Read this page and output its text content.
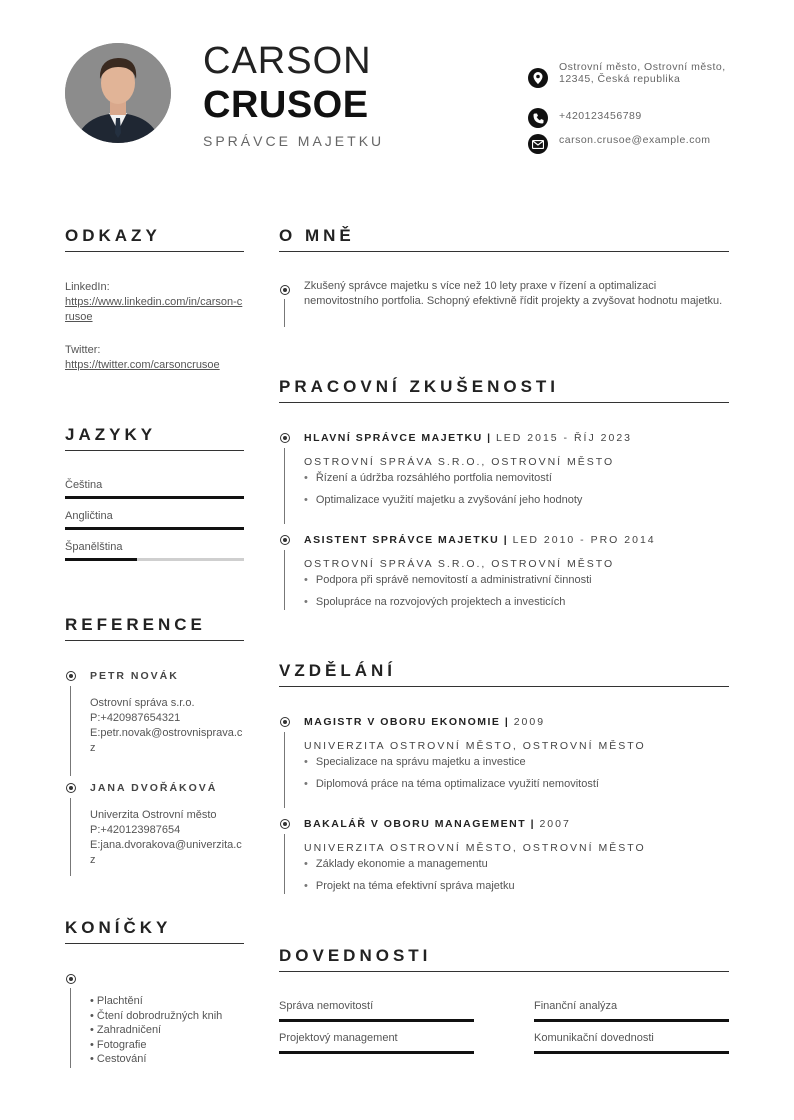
CARSON
CRUSOE
SPRÁVCE MAJETKU
Ostrovní město, Ostrovní město, 12345, Česká republika
+420123456789
carson.crusoe@example.com
ODKAZY
LinkedIn:
https://www.linkedin.com/in/carson-crusoe
Twitter:
https://twitter.com/carsoncrusoe
JAZYKY
Čeština
Angličtina
Španělština
REFERENCE
PETR NOVÁK
Ostrovní správa s.r.o.
P:+420987654321
E:petr.novak@ostrovnisprava.cz
JANA DVOŘÁKOVÁ
Univerzita Ostrovní město
P:+420123987654
E:jana.dvorakova@univerzita.cz
KONÍČKY
• Plachtění
• Čtení dobrodružných knih
• Zahradničení
• Fotografie
• Cestování
O MNĚ
Zkušený správce majetku s více než 10 lety praxe v řízení a optimalizaci nemovitostního portfolia. Schopný efektivně řídit projekty a zvyšovat hodnotu majetku.
PRACOVNÍ ZKUŠENOSTI
HLAVNÍ SPRÁVCE MAJETKU | LED 2015 - ŘÍJ 2023
OSTROVNÍ SPRÁVA S.R.O., OSTROVNÍ MĚSTO
• Řízení a údržba rozsáhlého portfolia nemovitostí
• Optimalizace využití majetku a zvyšování jeho hodnoty
ASISTENT SPRÁVCE MAJETKU | LED 2010 - PRO 2014
OSTROVNÍ SPRÁVA S.R.O., OSTROVNÍ MĚSTO
• Podpora při správě nemovitostí a administrativní činnosti
• Spolupráce na rozvojových projektech a investicích
VZDĚLÁNÍ
MAGISTR V OBORU EKONOMIE | 2009
UNIVERZITA OSTROVNÍ MĚSTO, OSTROVNÍ MĚSTO
• Specializace na správu majetku a investice
• Diplomová práce na téma optimalizace využití nemovitostí
BAKALÁŘ V OBORU MANAGEMENT | 2007
UNIVERZITA OSTROVNÍ MĚSTO, OSTROVNÍ MĚSTO
• Základy ekonomie a managementu
• Projekt na téma efektivní správa majetku
DOVEDNOSTI
Správa nemovitostí	Finanční analýza
Projektový management	Komunikační dovednosti
